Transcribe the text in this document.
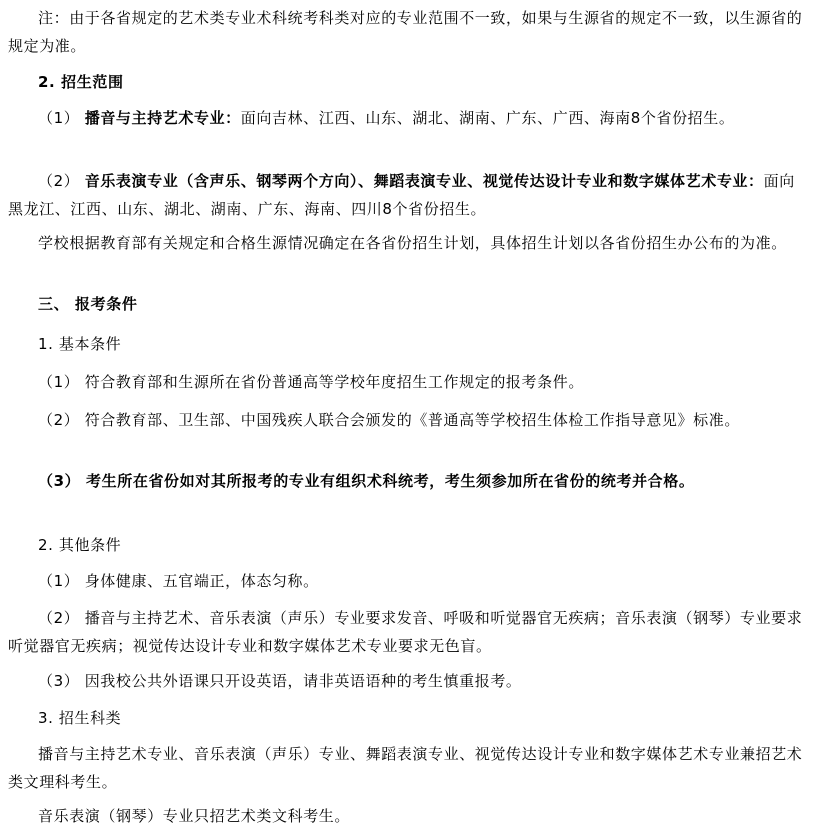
注：由于各省规定的艺术类专业术科统考科类对应的专业范围不一致，如果与生源省的规定不一致，以生源省的规定为准。

2. 招生范围

（1） 播音与主持艺术专业：面向吉林、江西、山东、湖北、湖南、广东、广西、海南8个省份招生。

（2） 音乐表演专业（含声乐、钢琴两个方向）、舞蹈表演专业、视觉传达设计专业和数字媒体艺术专业：面向黑龙江、江西、山东、湖北、湖南、广东、海南、四川8个省份招生。

学校根据教育部有关规定和合格生源情况确定在各省份招生计划，具体招生计划以各省份招生办公布的为准。

三、 报考条件

1. 基本条件

（1） 符合教育部和生源所在省份普通高等学校年度招生工作规定的报考条件。

（2） 符合教育部、卫生部、中国残疾人联合会颁发的《普通高等学校招生体检工作指导意见》标准。

（3） 考生所在省份如对其所报考的专业有组织术科统考，考生须参加所在省份的统考并合格。

2. 其他条件

（1） 身体健康、五官端正，体态匀称。

（2） 播音与主持艺术、音乐表演（声乐）专业要求发音、呼吸和听觉器官无疾病；音乐表演（钢琴）专业要求听觉器官无疾病；视觉传达设计专业和数字媒体艺术专业要求无色盲。

（3） 因我校公共外语课只开设英语，请非英语语种的考生慎重报考。

3. 招生科类

播音与主持艺术专业、音乐表演（声乐）专业、舞蹈表演专业、视觉传达设计专业和数字媒体艺术专业兼招艺术类文理科考生。

音乐表演（钢琴）专业只招艺术类文科考生。
